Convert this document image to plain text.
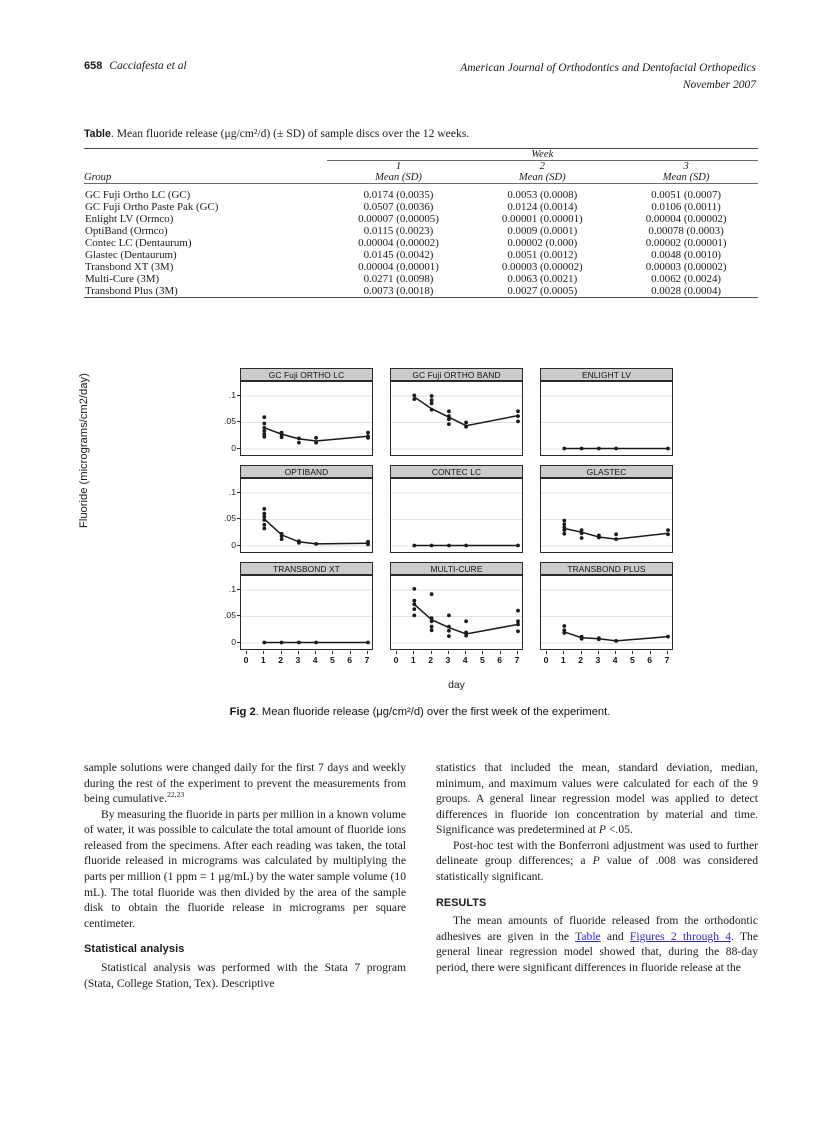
658 Cacciafesta et al	American Journal of Orthodontics and Dentofacial Orthopedics
November 2007
Table. Mean fluoride release (μg/cm²/d) (± SD) of sample discs over the 12 weeks.
	Week		
	1	2	3
Group	Mean (SD)	Mean (SD)	Mean (SD)

GC Fuji Ortho LC (GC)	0.0174 (0.0035)	0.0053 (0.0008)	0.0051 (0.0007)
GC Fuji Ortho Paste Pak (GC)	0.0507 (0.0036)	0.0124 (0.0014)	0.0106 (0.0011)
Enlight LV (Ormco)	0.00007 (0.00005)	0.00001 (0.00001)	0.00004 (0.00002)
OptiBand (Ormco)	0.0115 (0.0023)	0.0009 (0.0001)	0.00078 (0.0003)
Contec LC (Dentaurum)	0.00004 (0.00002)	0.00002 (0.000)	0.00002 (0.00001)
Glastec (Dentaurum)	0.0145 (0.0042)	0.0051 (0.0012)	0.0048 (0.0010)
Transbond XT (3M)	0.00004 (0.00001)	0.00003 (0.00002)	0.00003 (0.00002)
Multi-Cure (3M)	0.0271 (0.0098)	0.0063 (0.0021)	0.0062 (0.0024)
Transbond Plus (3M)	0.0073 (0.0018)	0.0027 (0.0005)	0.0028 (0.0004)

Fluoride (micrograms/cm2/day)	GC Fuji ORTHO LC
0
.05
.1
GC Fuji ORTHO BAND	ENLIGHT LV
OPTIBAND
0
.05
.1
CONTEC LC	GLASTEC
TRANSBOND XT
0
.05
.1
0 1 2 3 4 5 6 7
MULTI-CURE
0 1 2 3 4 5 6 7
TRANSBOND PLUS
0 1 2 3 4 5 6 7
day
Fig 2. Mean fluoride release (μg/cm²/d) over the first week of the experiment.

sample solutions were changed daily for the first 7 days and weekly during the rest of the experiment to prevent the measurements from being cumulative.$^{22,23}$

By measuring the fluoride in parts per million in a known volume of water, it was possible to calculate the total amount of fluoride ions released from the specimens. After each reading was taken, the total fluoride released in micrograms was calculated by multiplying the parts per million (1 ppm = 1 μg/mL) by the water sample volume (10 mL). The total fluoride was then divided by the area of the sample disk to obtain the fluoride release in micrograms per square centimeter.

Statistical analysis

Statistical analysis was performed with the Stata 7 program (Stata, College Station, Tex). Descriptive

statistics that included the mean, standard deviation, median, minimum, and maximum values were calculated for each of the 9 groups. A general linear regression model was applied to detect differences in fluoride ion concentration by material and time. Significance was predetermined at P <.05.

Post-hoc test with the Bonferroni adjustment was used to further delineate group differences; a P value of .008 was considered statistically significant.

RESULTS

The mean amounts of fluoride released from the orthodontic adhesives are given in the Table and Figures 2 through 4. The general linear regression model showed that, during the 88-day period, there were significant differences in fluoride release at the
